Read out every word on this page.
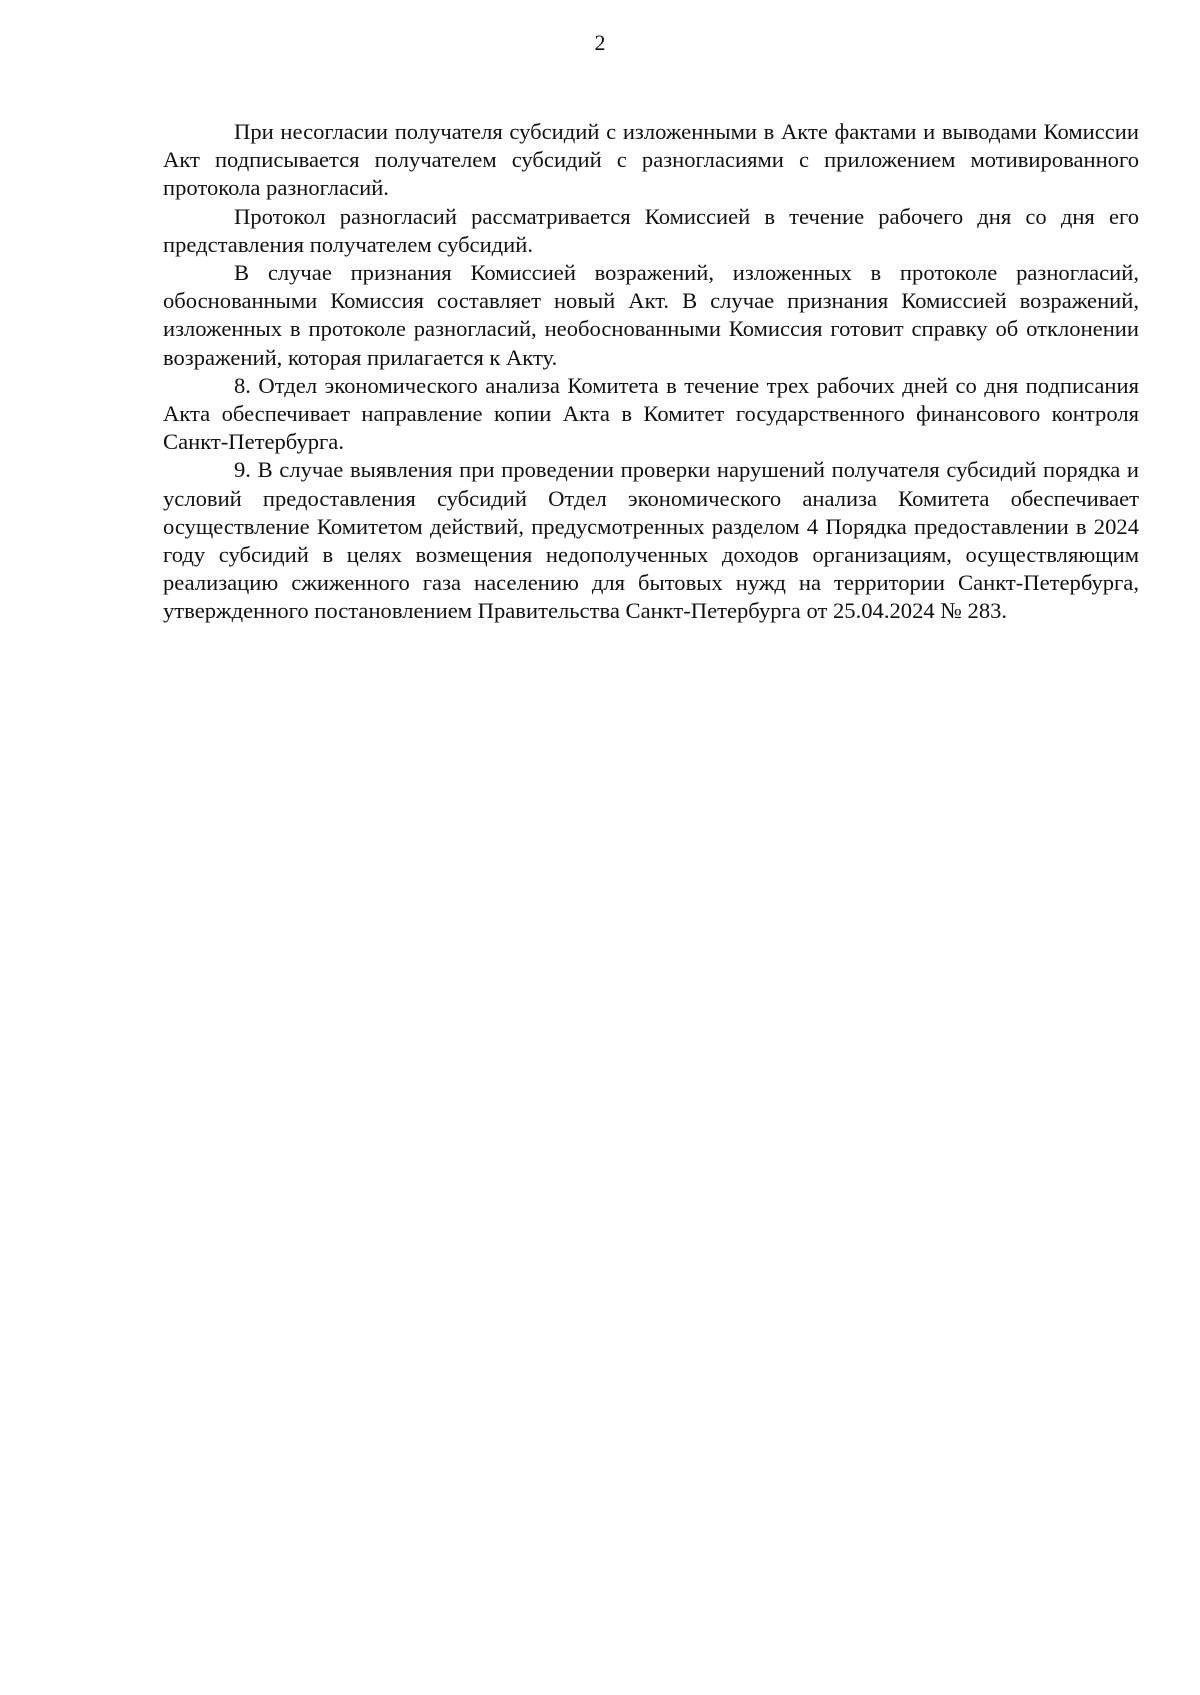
2

При несогласии получателя субсидий с изложенными в Акте фактами и выводами Комиссии Акт подписывается получателем субсидий с разногласиями с приложением мотивированного протокола разногласий.

Протокол разногласий рассматривается Комиссией в течение рабочего дня со дня его представления получателем субсидий.

В случае признания Комиссией возражений, изложенных в протоколе разногласий, обоснованными Комиссия составляет новый Акт. В случае признания Комиссией возражений, изложенных в протоколе разногласий, необоснованными Комиссия готовит справку об отклонении возражений, которая прилагается к Акту.

8. Отдел экономического анализа Комитета в течение трех рабочих дней со дня подписания Акта обеспечивает направление копии Акта в Комитет государственного финансового контроля Санкт-Петербурга.

9. В случае выявления при проведении проверки нарушений получателя субсидий порядка и условий предоставления субсидий Отдел экономического анализа Комитета обеспечивает осуществление Комитетом действий, предусмотренных разделом 4 Порядка предоставлении в 2024 году субсидий в целях возмещения недополученных доходов организациям, осуществляющим реализацию сжиженного газа населению для бытовых нужд на территории Санкт-Петербурга, утвержденного постановлением Правительства Санкт-Петербурга от 25.04.2024 № 283.
